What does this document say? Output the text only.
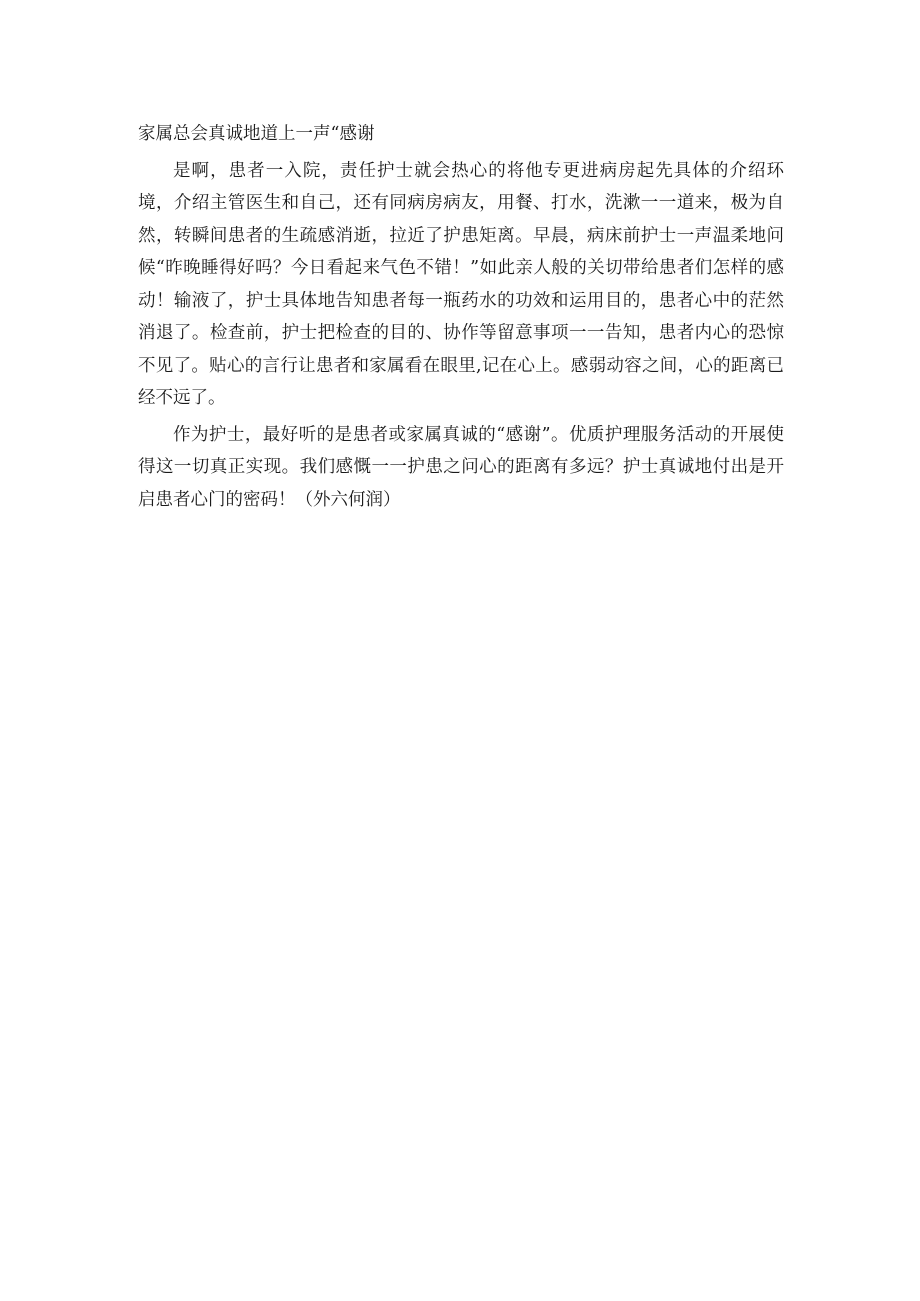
家属总会真诚地道上一声“感谢

是啊，患者一入院，责任护士就会热心的将他专更进病房起先具体的介绍环境，介绍主管医生和自己，还有同病房病友，用餐、打水，洗漱一一道来，极为自然，转瞬间患者的生疏感消逝，拉近了护患矩离。早晨，病床前护士一声温柔地问候“昨晚睡得好吗？今日看起来气色不错！”如此亲人般的关切带给患者们怎样的感动！输液了，护士具体地告知患者每一瓶药水的功效和运用目的，患者心中的茫然消退了。检查前，护士把检查的目的、协作等留意事项一一告知，患者内心的恐惊不见了。贴心的言行让患者和家属看在眼里,记在心上。感弱动容之间，心的距离已经不远了。

作为护士，最好听的是患者或家属真诚的“感谢”。优质护理服务活动的开展使得这一切真正实现。我们感慨一一护患之问心的距离有多远？护士真诚地付出是开启患者心门的密码！（外六何润）
